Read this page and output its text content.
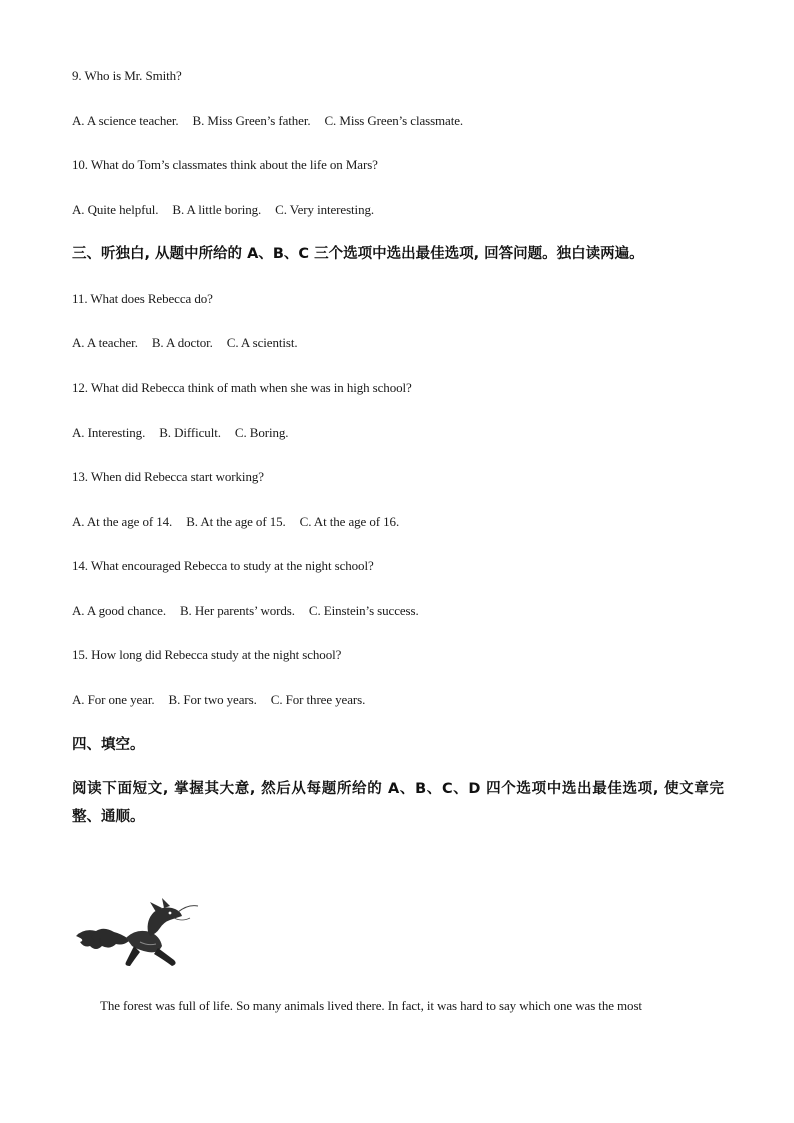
9. Who is Mr. Smith?
A. A science teacher. B. Miss Green’s father. C. Miss Green’s classmate.
10. What do Tom’s classmates think about the life on Mars?
A. Quite helpful. B. A little boring. C. Very interesting.
三、听独白, 从题中所给的 A、B、C 三个选项中选出最佳选项, 回答问题。独白读两遍。
11. What does Rebecca do?
A. A teacher. B. A doctor. C. A scientist.
12. What did Rebecca think of math when she was in high school?
A. Interesting. B. Difficult. C. Boring.
13. When did Rebecca start working?
A. At the age of 14. B. At the age of 15. C. At the age of 16.
14. What encouraged Rebecca to study at the night school?
A. A good chance. B. Her parents’ words. C. Einstein’s success.
15. How long did Rebecca study at the night school?
A. For one year. B. For two years. C. For three years.
四、填空。
阅读下面短文, 掌握其大意, 然后从每题所给的 A、B、C、D 四个选项中选出最佳选项, 使文章完整、通顺。
The forest was full of life. So many animals lived there. In fact, it was hard to say which one was the most
